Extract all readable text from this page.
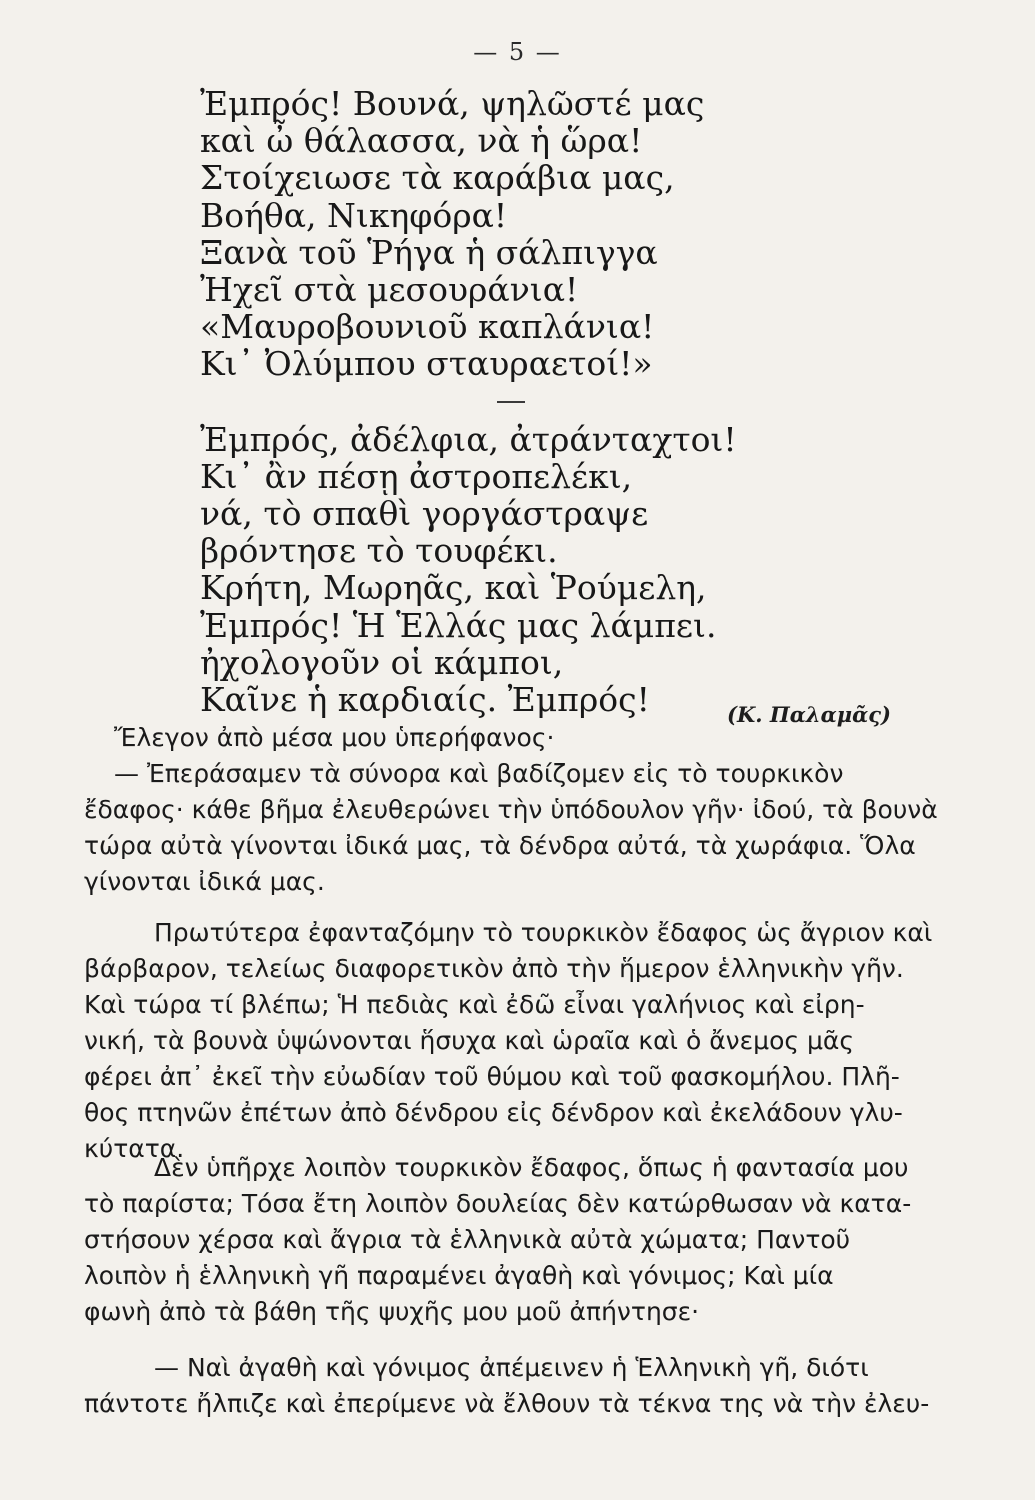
— 5 —
Ἐμπρός! Βουνά, ψηλῶστέ μας
καὶ ὦ θάλασσα, νὰ ἡ ὥρα!
Στοίχειωσε τὰ καράβια μας,
Βοήθα, Νικηφόρα!
Ξανὰ τοῦ Ῥήγα ἡ σάλπιγγα
Ἠχεῖ στὰ μεσουράνια!
«Μαυροβουνιοῦ καπλάνια!
Κι᾽ Ὀλύμπου σταυραετοί!»
Ἐμπρός, ἀδέλφια, ἀτράνταχτοι!
Κι᾽ ἂν πέσῃ ἀστροπελέκι,
νά, τὸ σπαθὶ γοργάστραψε
βρόντησε τὸ τουφέκι.
Κρήτη, Μωρηᾶς, καὶ Ῥούμελη,
Ἐμπρός! Ἡ Ἑλλάς μας λάμπει.
ἠχολογοῦν οἱ κάμποι,
Καῖνε ἡ καρδιαίς. Ἐμπρός!	(Κ. Παλαμᾶς)
Ἔλεγον ἀπὸ μέσα μου ὑπερήφανος·
— Ἐπεράσαμεν τὰ σύνορα καὶ βαδίζομεν εἰς τὸ τουρκικὸν
ἔδαφος· κάθε βῆμα ἐλευθερώνει τὴν ὑπόδουλον γῆν· ἰδού, τὰ βουνὰ
τώρα αὐτὰ γίνονται ἰδικά μας, τὰ δένδρα αὐτά, τὰ χωράφια. Ὅλα
γίνονται ἰδικά μας.
Πρωτύτερα ἐφανταζόμην τὸ τουρκικὸν ἔδαφος ὡς ἄγριον καὶ
βάρβαρον, τελείως διαφορετικὸν ἀπὸ τὴν ἥμερον ἑλληνικὴν γῆν.
Καὶ τώρα τί βλέπω; Ἡ πεδιὰς καὶ ἐδῶ εἶναι γαλήνιος καὶ εἰρη-
νική, τὰ βουνὰ ὑψώνονται ἥσυχα καὶ ὡραῖα καὶ ὁ ἄνεμος μᾶς
φέρει ἀπ᾽ ἐκεῖ τὴν εὐωδίαν τοῦ θύμου καὶ τοῦ φασκομήλου. Πλῆ-
θος πτηνῶν ἐπέτων ἀπὸ δένδρου εἰς δένδρον καὶ ἐκελάδουν γλυ-
κύτατα.
Δὲν ὑπῆρχε λοιπὸν τουρκικὸν ἔδαφος, ὅπως ἡ φαντασία μου
τὸ παρίστα; Τόσα ἔτη λοιπὸν δουλείας δὲν κατώρθωσαν νὰ κατα-
στήσουν χέρσα καὶ ἄγρια τὰ ἑλληνικὰ αὐτὰ χώματα; Παντοῦ
λοιπὸν ἡ ἑλληνικὴ γῆ παραμένει ἀγαθὴ καὶ γόνιμος; Καὶ μία
φωνὴ ἀπὸ τὰ βάθη τῆς ψυχῆς μου μοῦ ἀπήντησε·
— Ναὶ ἀγαθὴ καὶ γόνιμος ἀπέμεινεν ἡ Ἑλληνικὴ γῆ, διότι
πάντοτε ἤλπιζε καὶ ἐπερίμενε νὰ ἔλθουν τὰ τέκνα της νὰ τὴν ἐλευ-
